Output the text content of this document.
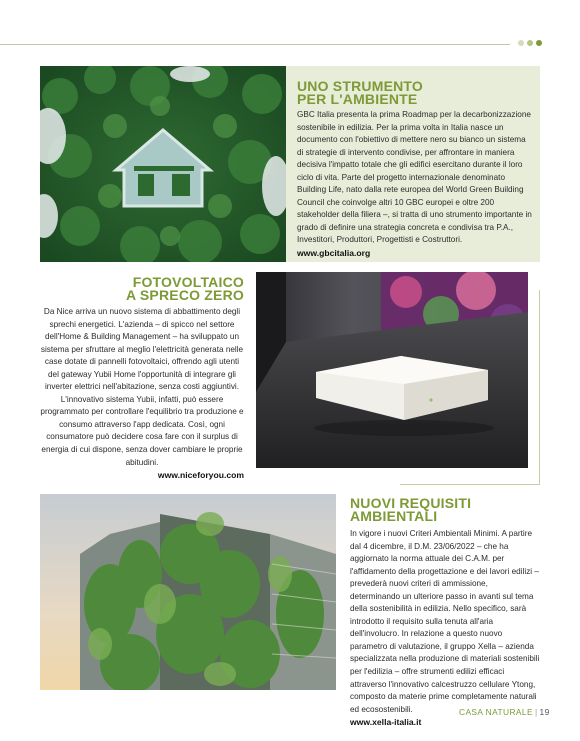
UNO STRUMENTO
PER L'AMBIENTE

GBC Italia presenta la prima Roadmap per la decarbonizzazione sostenibile in edilizia. Per la prima volta in Italia nasce un documento con l'obiettivo di mettere nero su bianco un sistema di strategie di intervento condivise, per affrontare in maniera decisiva l'impatto totale che gli edifici esercitano durante il loro ciclo di vita. Parte del progetto internazionale denominato Building Life, nato dalla rete europea del World Green Building Council che coinvolge altri 10 GBC europei e oltre 200 stakeholder della filiera –, si tratta di uno strumento importante in grado di definire una strategia concreta e condivisa tra P.A., Investitori, Produttori, Progettisti e Costruttori.

www.gbcitalia.org

FOTOVOLTAICO
A SPRECO ZERO

Da Nice arriva un nuovo sistema di abbattimento degli sprechi energetici. L'azienda – di spicco nel settore dell'Home & Building Management – ha sviluppato un sistema per sfruttare al meglio l'elettricità generata nelle case dotate di pannelli fotovoltaici, offrendo agli utenti del gateway Yubii Home l'opportunità di integrare gli inverter elettrici nell'abitazione, senza costi aggiuntivi. L'innovativo sistema Yubii, infatti, può essere programmato per controllare l'equilibrio tra produzione e consumo attraverso l'app dedicata. Così, ogni consumatore può decidere cosa fare con il surplus di energia di cui dispone, senza dover cambiare le proprie abitudini.

www.niceforyou.com

NUOVI REQUISITI
AMBIENTALI

In vigore i nuovi Criteri Ambientali Minimi. A partire dal 4 dicembre, il D.M. 23/06/2022 – che ha aggiornato la norma attuale dei C.A.M. per l'affidamento della progettazione e dei lavori edilizi – prevederà nuovi criteri di ammissione, determinando un ulteriore passo in avanti sul tema della sostenibilità in edilizia. Nello specifico, sarà introdotto il requisito sulla tenuta all'aria dell'involucro. In relazione a questo nuovo parametro di valutazione, il gruppo Xella – azienda specializzata nella produzione di materiali sostenibili per l'edilizia – offre strumenti edilizi efficaci attraverso l'innovativo calcestruzzo cellulare Ytong, composto da materie prime completamente naturali ed ecosostenibili.

www.xella-italia.it

CASA NATURALE | 19
